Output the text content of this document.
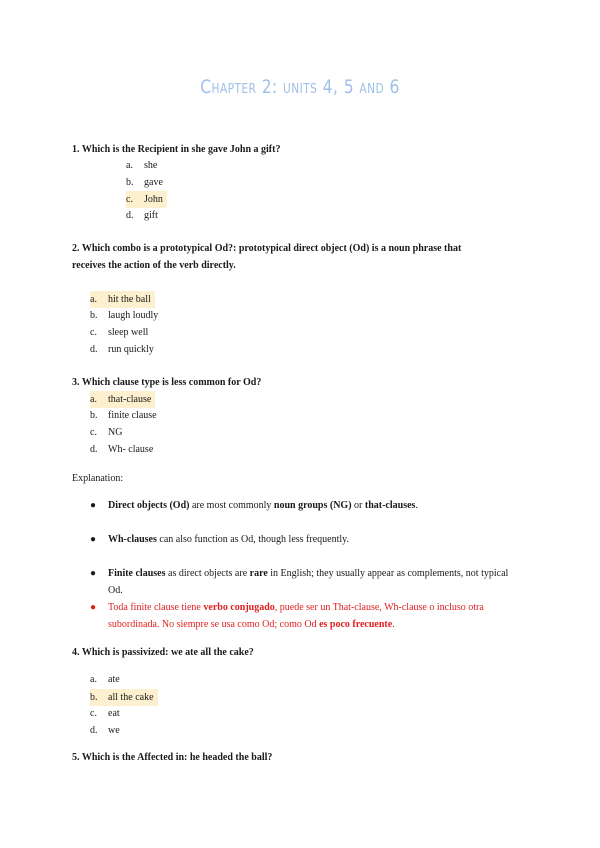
Chapter 2: units 4, 5 and 6

1. Which is the Recipient in she gave John a gift?

a. she
b. gave
c. John
d. gift

2. Which combo is a prototypical Od?: prototypical direct object (Od) is a noun phrase that

receives the action of the verb directly.

a. hit the ball
b. laugh loudly
c. sleep well
d. run quickly

3. Which clause type is less common for Od?

a. that-clause
b. finite clause
c. NG
d. Wh- clause
Explanation:
● Direct objects (Od) are most commonly noun groups (NG) or that-clauses.
● Wh-clauses can also function as Od, though less frequently.
● Finite clauses as direct objects are rare in English; they usually appear as complements, not typical
Od.
● Toda finite clause tiene verbo conjugado, puede ser un That-clause, Wh-clause o incluso otra
subordinada. No siempre se usa como Od; como Od es poco frecuente.

4. Which is passivized: we ate all the cake?

a. ate
b. all the cake
c. eat
d. we

5. Which is the Affected in: he headed the ball?
